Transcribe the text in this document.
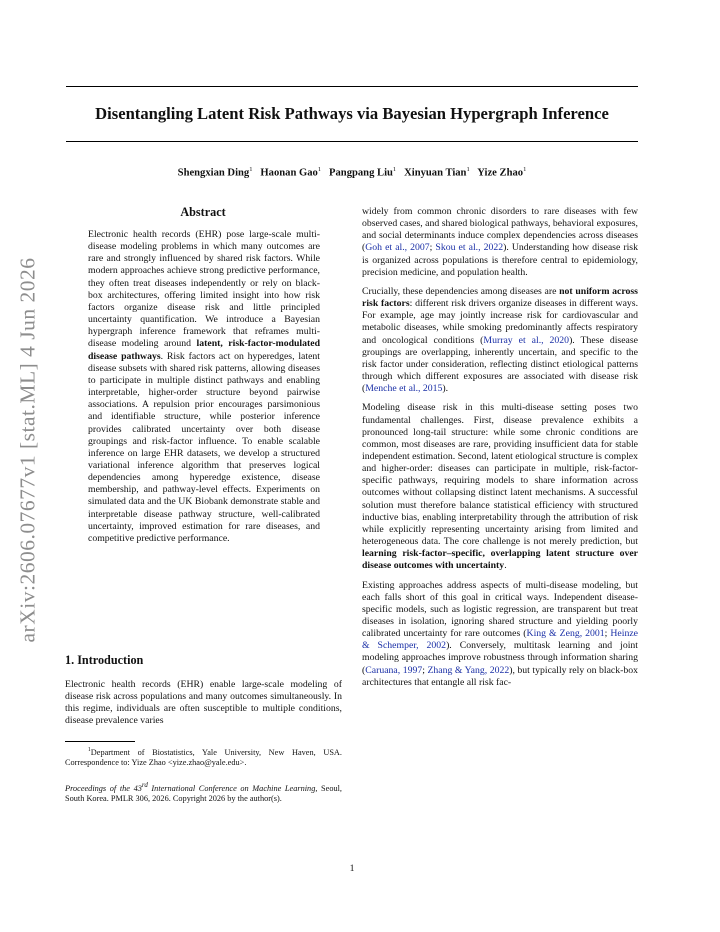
arXiv:2606.07677v1 [stat.ML] 4 Jun 2026
Disentangling Latent Risk Pathways via Bayesian Hypergraph Inference
Shengxian Ding$^1$ Haonan Gao$^1$ Pangpang Liu$^1$ Xinyuan Tian$^1$ Yize Zhao$^1$
Abstract

Electronic health records (EHR) pose large-scale multi-disease modeling problems in which many outcomes are rare and strongly influenced by shared risk factors. While modern approaches achieve strong predictive performance, they often treat diseases independently or rely on black-box architectures, offering limited insight into how risk factors organize disease risk and little principled uncertainty quantification. We introduce a Bayesian hypergraph inference framework that reframes multi-disease modeling around latent, risk-factor-modulated disease pathways. Risk factors act on hyperedges, latent disease subsets with shared risk patterns, allowing diseases to participate in multiple distinct pathways and enabling interpretable, higher-order structure beyond pairwise associations. A repulsion prior encourages parsimonious and identifiable structure, while posterior inference provides calibrated uncertainty over both disease groupings and risk-factor influence. To enable scalable inference on large EHR datasets, we develop a structured variational inference algorithm that preserves logical dependencies among hyperedge existence, disease membership, and pathway-level effects. Experiments on simulated data and the UK Biobank demonstrate stable and interpretable disease pathway structure, well-calibrated uncertainty, improved estimation for rare diseases, and competitive predictive performance.

1. Introduction
Electronic health records (EHR) enable large-scale modeling of disease risk across populations and many outcomes simultaneously. In this regime, individuals are often susceptible to multiple conditions, disease prevalence varies
$^1$Department of Biostatistics, Yale University, New Haven, USA. Correspondence to: Yize Zhao <yize.zhao@yale.edu>.
Proceedings of the 43rd International Conference on Machine Learning, Seoul, South Korea. PMLR 306, 2026. Copyright 2026 by the author(s).

widely from common chronic disorders to rare diseases with few observed cases, and shared biological pathways, behavioral exposures, and social determinants induce complex dependencies across diseases (Goh et al., 2007; Skou et al., 2022). Understanding how disease risk is organized across populations is therefore central to epidemiology, precision medicine, and population health.

Crucially, these dependencies among diseases are not uniform across risk factors: different risk drivers organize diseases in different ways. For example, age may jointly increase risk for cardiovascular and metabolic diseases, while smoking predominantly affects respiratory and oncological conditions (Murray et al., 2020). These disease groupings are overlapping, inherently uncertain, and specific to the risk factor under consideration, reflecting distinct etiological patterns through which different exposures are associated with disease risk (Menche et al., 2015).

Modeling disease risk in this multi-disease setting poses two fundamental challenges. First, disease prevalence exhibits a pronounced long-tail structure: while some chronic conditions are common, most diseases are rare, providing insufficient data for stable independent estimation. Second, latent etiological structure is complex and higher-order: diseases can participate in multiple, risk-factor-specific pathways, requiring models to share information across outcomes without collapsing distinct latent mechanisms. A successful solution must therefore balance statistical efficiency with structured inductive bias, enabling interpretability through the attribution of risk while explicitly representing uncertainty arising from limited and heterogeneous data. The core challenge is not merely prediction, but learning risk-factor–specific, overlapping latent structure over disease outcomes with uncertainty.

Existing approaches address aspects of multi-disease modeling, but each falls short of this goal in critical ways. Independent disease-specific models, such as logistic regression, are transparent but treat diseases in isolation, ignoring shared structure and yielding poorly calibrated uncertainty for rare outcomes (King & Zeng, 2001; Heinze & Schemper, 2002). Conversely, multitask learning and joint modeling approaches improve robustness through information sharing (Caruana, 1997; Zhang & Yang, 2022), but typically rely on black-box architectures that entangle all risk fac-

1
